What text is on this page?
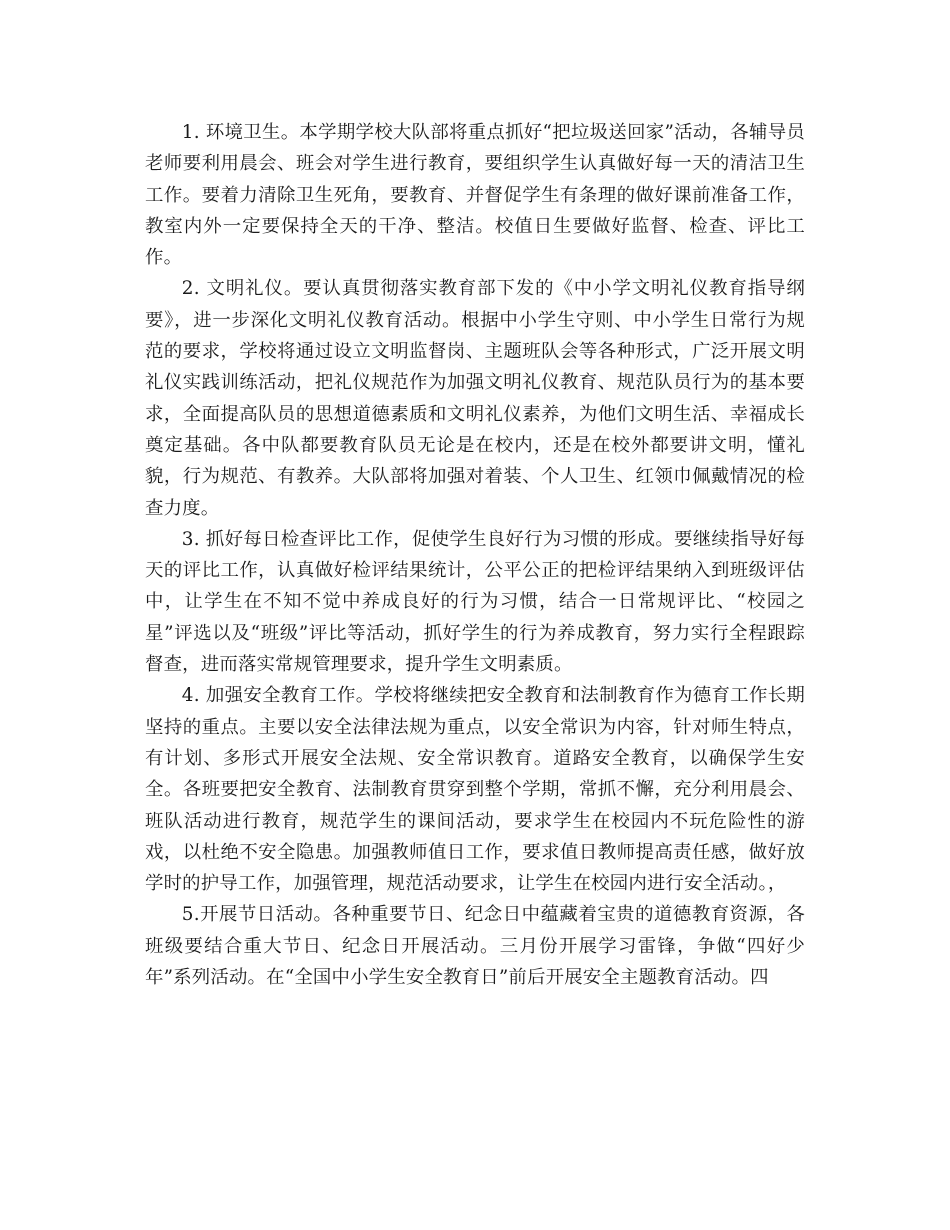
1. 环境卫生。本学期学校大队部将重点抓好“把垃圾送回家”活动，各辅导员老师要利用晨会、班会对学生进行教育，要组织学生认真做好每一天的清洁卫生工作。要着力清除卫生死角，要教育、并督促学生有条理的做好课前准备工作，教室内外一定要保持全天的干净、整洁。校值日生要做好监督、检查、评比工作。

2. 文明礼仪。要认真贯彻落实教育部下发的《中小学文明礼仪教育指导纲要》，进一步深化文明礼仪教育活动。根据中小学生守则、中小学生日常行为规范的要求，学校将通过设立文明监督岗、主题班队会等各种形式，广泛开展文明礼仪实践训练活动，把礼仪规范作为加强文明礼仪教育、规范队员行为的基本要求，全面提高队员的思想道德素质和文明礼仪素养，为他们文明生活、幸福成长奠定基础。各中队都要教育队员无论是在校内，还是在校外都要讲文明，懂礼貌，行为规范、有教养。大队部将加强对着装、个人卫生、红领巾佩戴情况的检查力度。

3. 抓好每日检查评比工作，促使学生良好行为习惯的形成。要继续指导好每天的评比工作，认真做好检评结果统计，公平公正的把检评结果纳入到班级评估中，让学生在不知不觉中养成良好的行为习惯，结合一日常规评比、“校园之星”评选以及“班级”评比等活动，抓好学生的行为养成教育，努力实行全程跟踪督查，进而落实常规管理要求，提升学生文明素质。

4. 加强安全教育工作。学校将继续把安全教育和法制教育作为德育工作长期坚持的重点。主要以安全法律法规为重点，以安全常识为内容，针对师生特点，有计划、多形式开展安全法规、安全常识教育。道路安全教育，以确保学生安全。各班要把安全教育、法制教育贯穿到整个学期，常抓不懈，充分利用晨会、班队活动进行教育，规范学生的课间活动，要求学生在校园内不玩危险性的游戏，以杜绝不安全隐患。加强教师值日工作，要求值日教师提高责任感，做好放学时的护导工作，加强管理，规范活动要求，让学生在校园内进行安全活动。，

5.开展节日活动。各种重要节日、纪念日中蕴藏着宝贵的道德教育资源，各班级要结合重大节日、纪念日开展活动。三月份开展学习雷锋，争做“四好少年”系列活动。在“全国中小学生安全教育日”前后开展安全主题教育活动。四
